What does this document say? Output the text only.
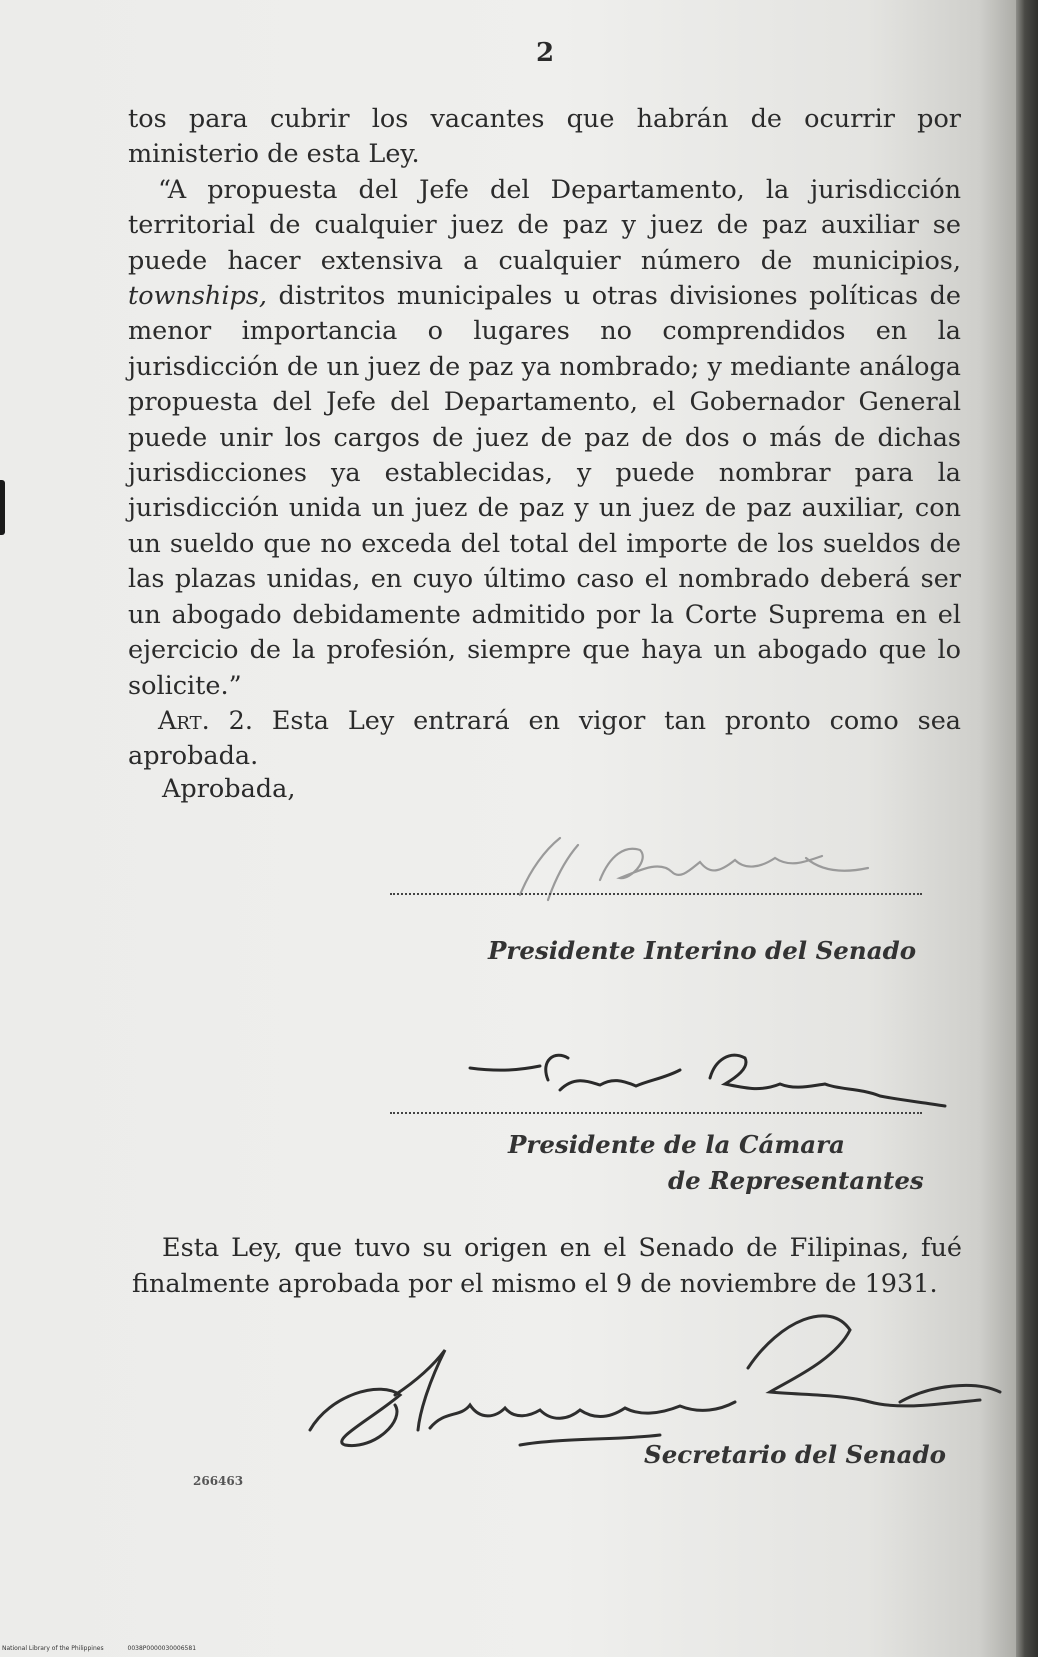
2

tos para cubrir los vacantes que habrán de ocurrir por ministerio de esta Ley.

“A propuesta del Jefe del Departamento, la jurisdicción territorial de cualquier juez de paz y juez de paz auxiliar se puede hacer extensiva a cualquier número de municipios, townships, distritos municipales u otras divisiones políticas de menor importancia o lugares no comprendidos en la jurisdicción de un juez de paz ya nombrado; y mediante análoga propuesta del Jefe del Departamento, el Gobernador General puede unir los cargos de juez de paz de dos o más de dichas jurisdicciones ya establecidas, y puede nombrar para la jurisdicción unida un juez de paz y un juez de paz auxiliar, con un sueldo que no exceda del total del importe de los sueldos de las plazas unidas, en cuyo último caso el nombrado deberá ser un abogado debidamente admitido por la Corte Suprema en el ejercicio de la profesión, siempre que haya un abogado que lo solicite.”

Art. 2. Esta Ley entrará en vigor tan pronto como sea aprobada.

Aprobada,
Presidente Interino del Senado
Presidente de la Cámara
de Representantes
Esta Ley, que tuvo su origen en el Senado de Filipinas, fué finalmente aprobada por el mismo el 9 de noviembre de 1931.
Secretario del Senado
266463
National Library of the Philippines	0038P0000030006581
